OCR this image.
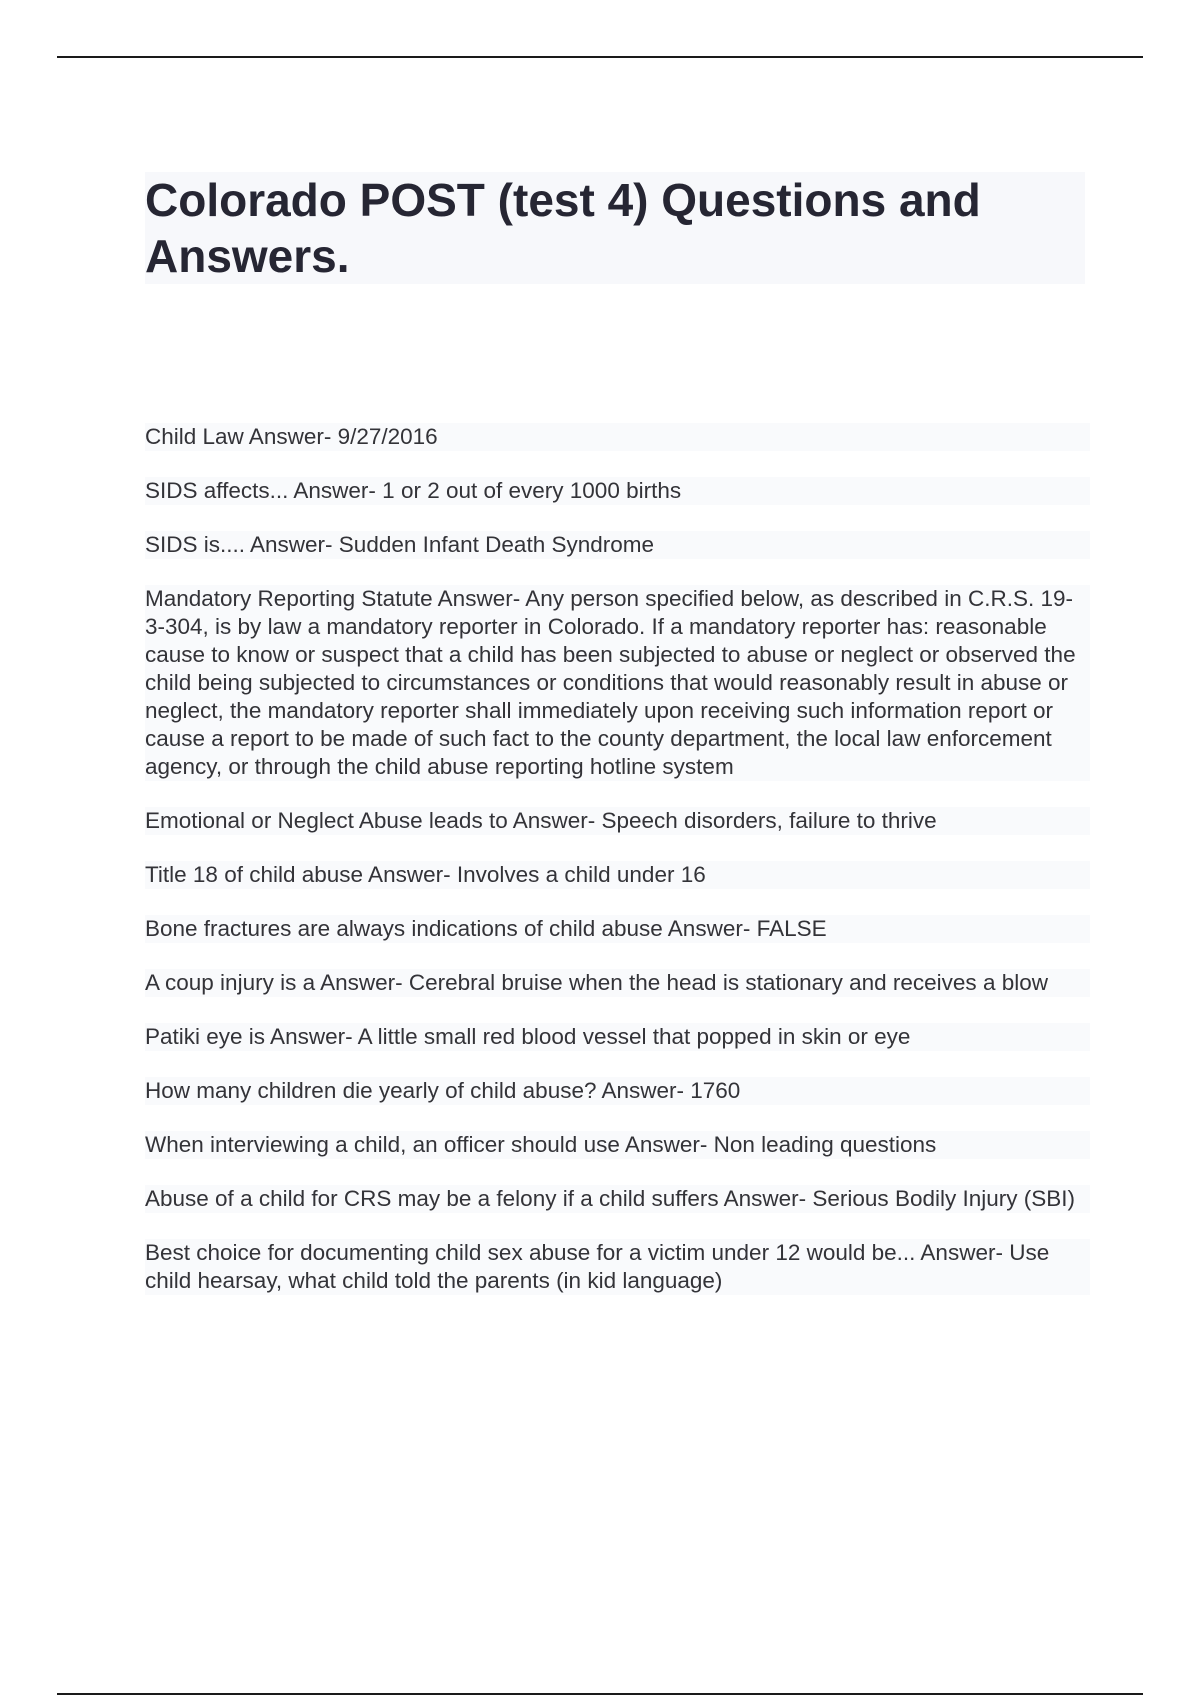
Colorado POST (test 4) Questions and Answers.
Child Law Answer- 9/27/2016
SIDS affects... Answer- 1 or 2 out of every 1000 births
SIDS is.... Answer- Sudden Infant Death Syndrome
Mandatory Reporting Statute Answer- Any person specified below, as described in C.R.S. 19-3-304, is by law a mandatory reporter in Colorado. If a mandatory reporter has: reasonable cause to know or suspect that a child has been subjected to abuse or neglect or observed the child being subjected to circumstances or conditions that would reasonably result in abuse or neglect, the mandatory reporter shall immediately upon receiving such information report or cause a report to be made of such fact to the county department, the local law enforcement agency, or through the child abuse reporting hotline system
Emotional or Neglect Abuse leads to Answer- Speech disorders, failure to thrive
Title 18 of child abuse Answer- Involves a child under 16
Bone fractures are always indications of child abuse Answer- FALSE
A coup injury is a Answer- Cerebral bruise when the head is stationary and receives a blow
Patiki eye is Answer- A little small red blood vessel that popped in skin or eye
How many children die yearly of child abuse? Answer- 1760
When interviewing a child, an officer should use Answer- Non leading questions
Abuse of a child for CRS may be a felony if a child suffers Answer- Serious Bodily Injury (SBI)
Best choice for documenting child sex abuse for a victim under 12 would be... Answer- Use child hearsay, what child told the parents (in kid language)
